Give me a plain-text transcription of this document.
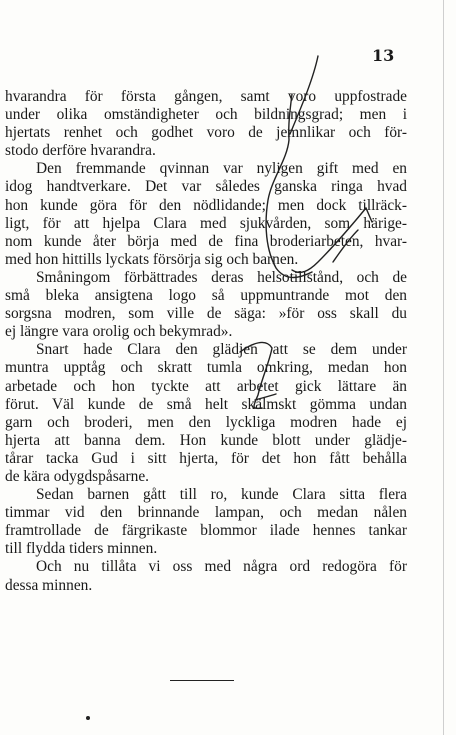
13
hvarandra för första gången, samt voro uppfostrade
under olika omständigheter och bildningsgrad; men i
hjertats renhet och godhet voro de jemnlikar och för-
stodo derföre hvarandra.
Den fremmande qvinnan var nyligen gift med en
idog handtverkare. Det var således ganska ringa hvad
hon kunde göra för den nödlidande; men dock tillräck-
ligt, för att hjelpa Clara med sjukvården, som härige-
nom kunde åter börja med de fina broderiarbeten, hvar-
med hon hittills lyckats försörja sig och barnen.
Småningom förbättrades deras helsotillstånd, och de
små bleka ansigtena logo så uppmuntrande mot den
sorgsna modren, som ville de säga: »för oss skall du
ej längre vara orolig och bekymrad».
Snart hade Clara den glädjen att se dem under
muntra upptåg och skratt tumla omkring, medan hon
arbetade och hon tyckte att arbetet gick lättare än
förut. Väl kunde de små helt skälmskt gömma undan
garn och broderi, men den lyckliga modren hade ej
hjerta att banna dem. Hon kunde blott under glädje-
tårar tacka Gud i sitt hjerta, för det hon fått behålla
de kära odygdspåsarne.
Sedan barnen gått till ro, kunde Clara sitta flera
timmar vid den brinnande lampan, och medan nålen
framtrollade de färgrikaste blommor ilade hennes tankar
till flydda tiders minnen.
Och nu tillåta vi oss med några ord redogöra för
dessa minnen.
